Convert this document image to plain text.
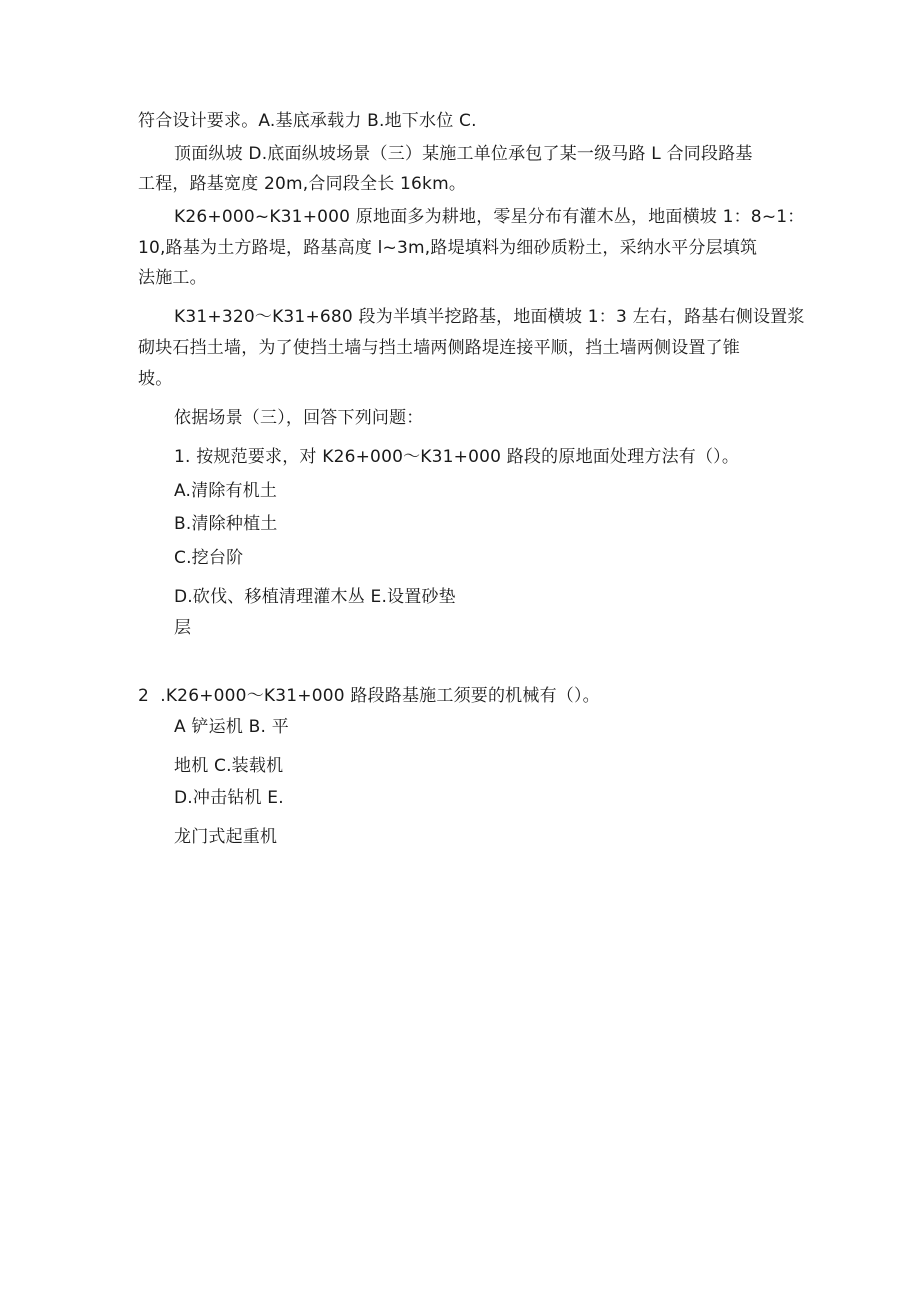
符合设计要求。A.基底承载力 B.地下水位 C.
顶面纵坡 D.底面纵坡场景（三）某施工单位承包了某一级马路 L 合同段路基
工程，路基宽度 20m,合同段全长 16km。
K26+000~K31+000 原地面多为耕地，零星分布有灌木丛，地面横坡 1：8~1：
10,路基为土方路堤，路基高度 l~3m,路堤填料为细砂质粉土，采纳水平分层填筑
法施工。
K31+320〜K31+680 段为半填半挖路基，地面横坡 1：3 左右，路基右侧设置浆
砌块石挡土墙，为了使挡土墙与挡土墙两侧路堤连接平顺，挡土墙两侧设置了锥
坡。
依据场景（三），回答下列问题：
1. 按规范要求，对 K26+000〜K31+000 路段的原地面处理方法有（）。
A.清除有机土
B.清除种植土
C.挖台阶
D.砍伐、移植清理灌木丛 E.设置砂垫
层
2  .K26+000〜K31+000 路段路基施工须要的机械有（）。
A 铲运机 B. 平
地机 C.装载机
D.冲击钻机 E.
龙门式起重机
